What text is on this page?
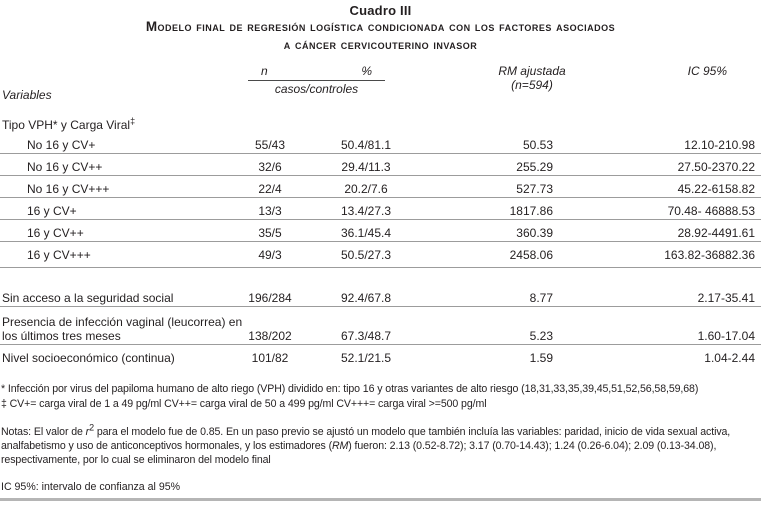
Cuadro III
Modelo final de regresión logística condicionada con los factores asociados
a cáncer cervicouterino invasor
Variables
n	%
casos/controles
RM ajustada
(n=594)
IC 95%
Tipo VPH* y Carga Viral‡
No 16 y CV+	55/43	50.4/81.1	50.53	12.10-210.98
No 16 y CV++	32/6	29.4/11.3	255.29	27.50-2370.22
No 16 y CV+++	22/4	20.2/7.6	527.73	45.22-6158.82
16 y CV+	13/3	13.4/27.3	1817.86	70.48- 46888.53
16 y CV++	35/5	36.1/45.4	360.39	28.92-4491.61
16 y CV+++	49/3	50.5/27.3	2458.06	163.82-36882.36
Sin acceso a la seguridad social	196/284	92.4/67.8	8.77	2.17-35.41
Presencia de infección vaginal (leucorrea) en
los últimos tres meses	138/202	67.3/48.7	5.23	1.60-17.04
Nivel socioeconómico (continua)	101/82	52.1/21.5	1.59	1.04-2.44
* Infección por virus del papiloma humano de alto riego (VPH) dividido en: tipo 16 y otras variantes de alto riesgo (18,31,33,35,39,45,51,52,56,58,59,68)
‡ CV+= carga viral de 1 a 49 pg/ml CV++= carga viral de 50 a 499 pg/ml CV+++= carga viral >=500 pg/ml
Notas: El valor de $r^2$ para el modelo fue de 0.85. En un paso previo se ajustó un modelo que también incluía las variables: paridad, inicio de vida sexual activa, analfabetismo y uso de anticonceptivos hormonales, y los estimadores (RM) fueron: 2.13 (0.52-8.72); 3.17 (0.70-14.43); 1.24 (0.26-6.04); 2.09 (0.13-34.08), respectivamente, por lo cual se eliminaron del modelo final
IC 95%: intervalo de confianza al 95%
